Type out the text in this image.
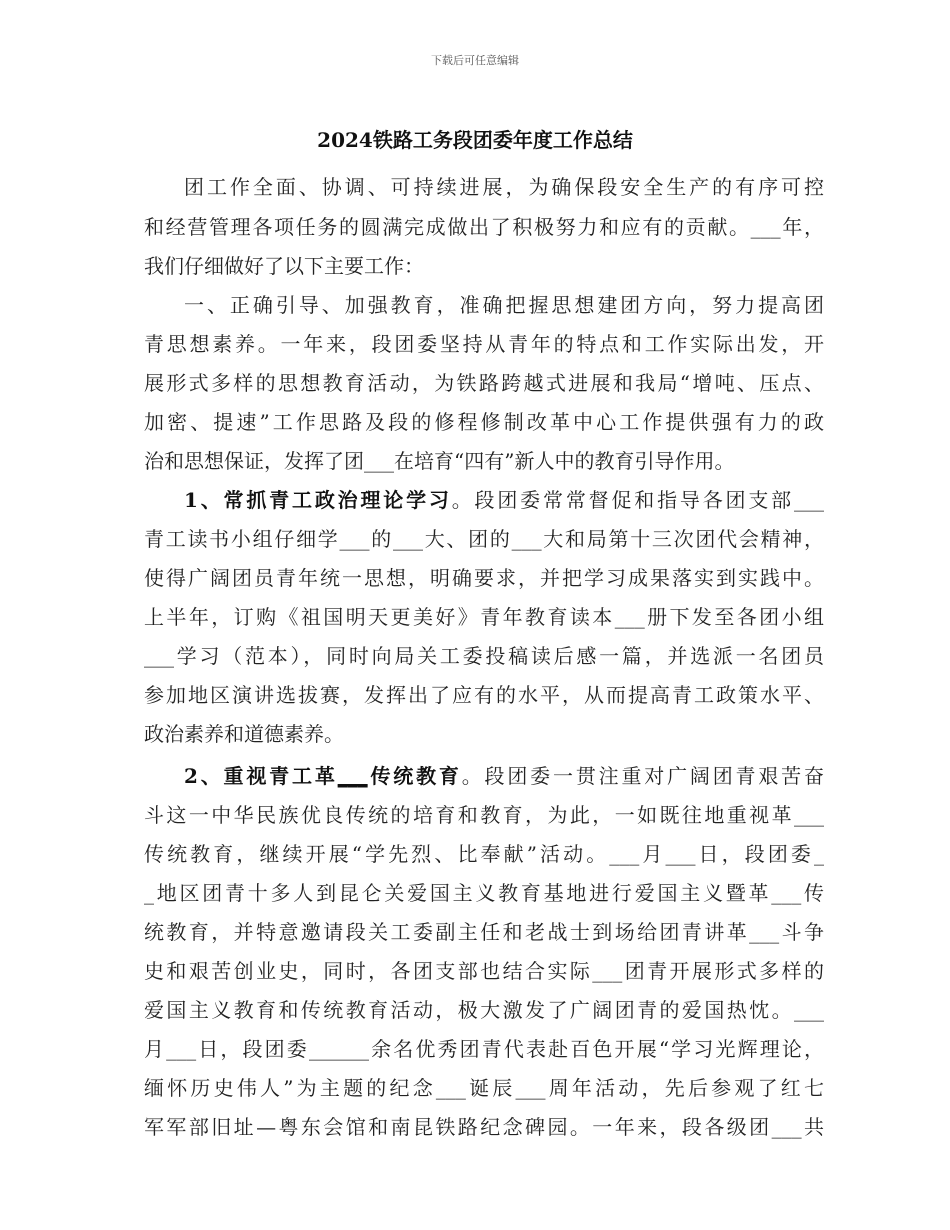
下载后可任意编辑
2024铁路工务段团委年度工作总结
团工作全面、协调、可持续进展，为确保段安全生产的有序可控
和经营管理各项任务的圆满完成做出了积极努力和应有的贡献。___年，
我们仔细做好了以下主要工作：
一、正确引导、加强教育，准确把握思想建团方向，努力提高团
青思想素养。一年来，段团委坚持从青年的特点和工作实际出发，开
展形式多样的思想教育活动，为铁路跨越式进展和我局“增吨、压点、
加密、提速”工作思路及段的修程修制改革中心工作提供强有力的政
治和思想保证，发挥了团___在培育“四有”新人中的教育引导作用。
1、常抓青工政治理论学习。段团委常常督促和指导各团支部___
青工读书小组仔细学___的___大、团的___大和局第十三次团代会精神，
使得广阔团员青年统一思想，明确要求，并把学习成果落实到实践中。
上半年，订购《祖国明天更美好》青年教育读本___册下发至各团小组
___学习（范本），同时向局关工委投稿读后感一篇，并选派一名团员
参加地区演讲选拔赛，发挥出了应有的水平，从而提高青工政策水平、
政治素养和道德素养。
2、重视青工革___传统教育。段团委一贯注重对广阔团青艰苦奋
斗这一中华民族优良传统的培育和教育，为此，一如既往地重视革___
传统教育，继续开展“学先烈、比奉献”活动。___月___日，段团委_
_地区团青十多人到昆仑关爱国主义教育基地进行爱国主义暨革___传
统教育，并特意邀请段关工委副主任和老战士到场给团青讲革___斗争
史和艰苦创业史，同时，各团支部也结合实际___团青开展形式多样的
爱国主义教育和传统教育活动，极大激发了广阔团青的爱国热忱。___
月___日，段团委______余名优秀团青代表赴百色开展“学习光辉理论，
缅怀历史伟人”为主题的纪念___诞辰___周年活动，先后参观了红七
军军部旧址—粤东会馆和南昆铁路纪念碑园。一年来，段各级团___共
